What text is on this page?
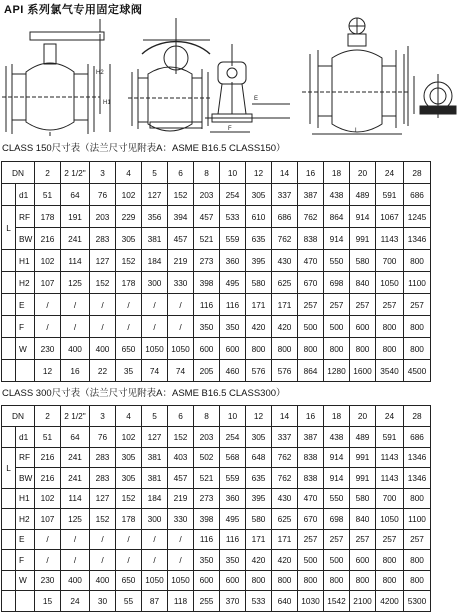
API 系列氯气专用固定球阀
H2
H1
E
F	L
CLASS 150尺寸表（法兰尺寸见附表A：ASME B16.5 CLASS150）
DN		2	2 1/2"	3	4	5	6	8	10	12	14	16	18	20	24	28
	d1	51	64	76	102	127	152	203	254	305	337	387	438	489	591	686
L	RF	178	191	203	229	356	394	457	533	610	686	762	864	914	1067	1245
	BW	216	241	283	305	381	457	521	559	635	762	838	914	991	1143	1346
	H1	102	114	127	152	184	219	273	360	395	430	470	550	580	700	800
	H2	107	125	152	178	300	330	398	495	580	625	670	698	840	1050	1100
	E	/	/	/	/	/	/	116	116	171	171	257	257	257	257	257
	F	/	/	/	/	/	/	350	350	420	420	500	500	600	800	800
	W	230	400	400	650	1050	1050	600	600	800	800	800	800	800	800	800
		12	16	22	35	74	74	205	460	576	576	864	1280	1600	3540	4500
CLASS 300尺寸表（法兰尺寸见附表A：ASME B16.5 CLASS300）
DN		2	2 1/2"	3	4	5	6	8	10	12	14	16	18	20	24	28
	d1	51	64	76	102	127	152	203	254	305	337	387	438	489	591	686
L	RF	216	241	283	305	381	403	502	568	648	762	838	914	991	1143	1346
	BW	216	241	283	305	381	457	521	559	635	762	838	914	991	1143	1346
	H1	102	114	127	152	184	219	273	360	395	430	470	550	580	700	800
	H2	107	125	152	178	300	330	398	495	580	625	670	698	840	1050	1100
	E	/	/	/	/	/	/	116	116	171	171	257	257	257	257	257
	F	/	/	/	/	/	/	350	350	420	420	500	500	600	800	800
	W	230	400	400	650	1050	1050	600	600	800	800	800	800	800	800	800
		15	24	30	55	87	118	255	370	533	640	1030	1542	2100	4200	5300
